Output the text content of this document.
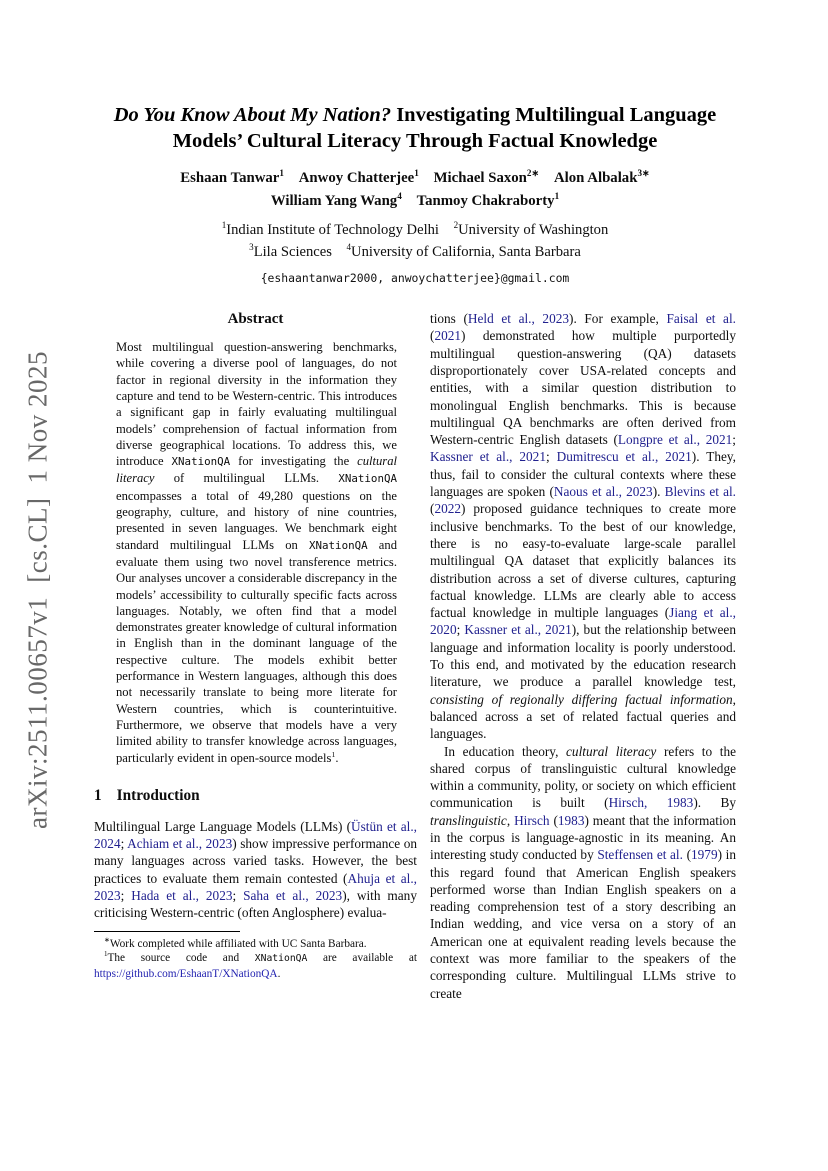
arXiv:2511.00657v1 [cs.CL] 1 Nov 2025
Do You Know About My Nation? Investigating Multilingual Language
Models’ Cultural Literacy Through Factual Knowledge
Eshaan Tanwar$^1$   Anwoy Chatterjee$^1$   Michael Saxon$^{2∗}$   Alon Albalak$^{3∗}$
William Yang Wang$^4$   Tanmoy Chakraborty$^1$
$^1$Indian Institute of Technology Delhi   $^2$University of Washington
$^3$Lila Sciences   $^4$University of California, Santa Barbara
{eshaantanwar2000, anwoychatterjee}@gmail.com
Abstract

Most multilingual question-answering benchmarks, while covering a diverse pool of languages, do not factor in regional diversity in the information they capture and tend to be Western-centric. This introduces a significant gap in fairly evaluating multilingual models’ comprehension of factual information from diverse geographical locations. To address this, we introduce XNationQA for investigating the cultural literacy of multilingual LLMs. XNationQA encompasses a total of 49,280 questions on the geography, culture, and history of nine countries, presented in seven languages. We benchmark eight standard multilingual LLMs on XNationQA and evaluate them using two novel transference metrics. Our analyses uncover a considerable discrepancy in the models’ accessibility to culturally specific facts across languages. Notably, we often find that a model demonstrates greater knowledge of cultural information in English than in the dominant language of the respective culture. The models exhibit better performance in Western languages, although this does not necessarily translate to being more literate for Western countries, which is counterintuitive. Furthermore, we observe that models have a very limited ability to transfer knowledge across languages, particularly evident in open-source models$^1$.

1 Introduction

Multilingual Large Language Models (LLMs) (Üstün et al., 2024; Achiam et al., 2023) show impressive performance on many languages across varied tasks. However, the best practices to evaluate them remain contested (Ahuja et al., 2023; Hada et al., 2023; Saha et al., 2023), with many criticising Western-centric (often Anglosphere) evalua-

∗Work completed while affiliated with UC Santa Barbara.

$^1$The source code and XNationQA are available at https://github.com/EshaanT/XNationQA.

tions (Held et al., 2023). For example, Faisal et al. (2021) demonstrated how multiple purportedly multilingual question-answering (QA) datasets disproportionately cover USA-related concepts and entities, with a similar question distribution to monolingual English benchmarks. This is because multilingual QA benchmarks are often derived from Western-centric English datasets (Longpre et al., 2021; Kassner et al., 2021; Dumitrescu et al., 2021). They, thus, fail to consider the cultural contexts where these languages are spoken (Naous et al., 2023). Blevins et al. (2022) proposed guidance techniques to create more inclusive benchmarks. To the best of our knowledge, there is no easy-to-evaluate large-scale parallel multilingual QA dataset that explicitly balances its distribution across a set of diverse cultures, capturing factual knowledge. LLMs are clearly able to access factual knowledge in multiple languages (Jiang et al., 2020; Kassner et al., 2021), but the relationship between language and information locality is poorly understood. To this end, and motivated by the education research literature, we produce a parallel knowledge test, consisting of regionally differing factual information, balanced across a set of related factual queries and languages.

In education theory, cultural literacy refers to the shared corpus of translinguistic cultural knowledge within a community, polity, or society on which efficient communication is built (Hirsch, 1983). By translinguistic, Hirsch (1983) meant that the information in the corpus is language-agnostic in its meaning. An interesting study conducted by Steffensen et al. (1979) in this regard found that American English speakers performed worse than Indian English speakers on a reading comprehension test of a story describing an Indian wedding, and vice versa on a story of an American one at equivalent reading levels because the context was more familiar to the speakers of the corresponding culture. Multilingual LLMs strive to create
